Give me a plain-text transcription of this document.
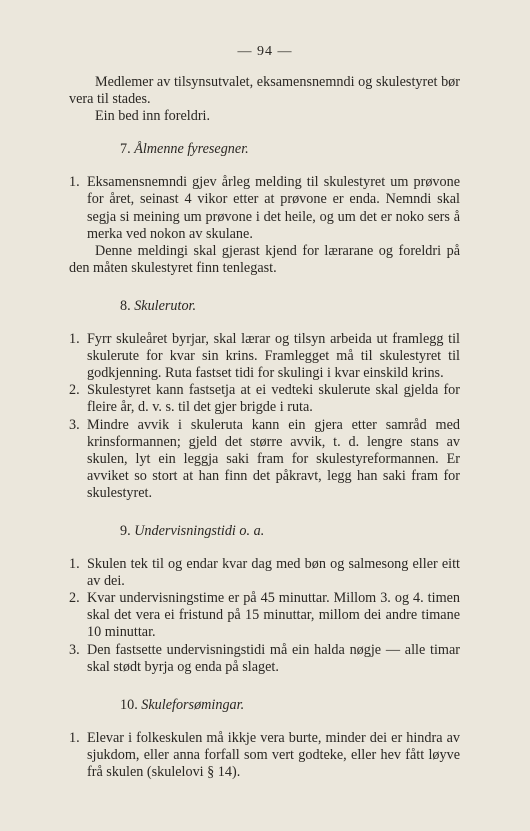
— 94 —

Medlemer av tilsynsutvalet, eksamensnemndi og skulestyret bør vera til stades.

Ein bed inn foreldri.

7. Ålmenne fyresegner.
1. Eksamensnemndi gjev årleg melding til skulestyret um prøvone for året, seinast 4 vikor etter at prøvone er enda. Nemndi skal segja si meining um prøvone i det heile, og um det er noko sers å merka ved nokon av skulane.

Denne meldingi skal gjerast kjend for lærarane og foreldri på den måten skulestyret finn tenlegast.

8. Skulerutor.
1. Fyrr skuleåret byrjar, skal lærar og tilsyn arbeida ut framlegg til skulerute for kvar sin krins. Framlegget må til skulestyret til godkjenning. Ruta fastset tidi for skulingi i kvar einskild krins.
2. Skulestyret kann fastsetja at ei vedteki skulerute skal gjelda for fleire år, d. v. s. til det gjer brigde i ruta.
3. Mindre avvik i skuleruta kann ein gjera etter samråd med krinsformannen; gjeld det større avvik, t. d. lengre stans av skulen, lyt ein leggja saki fram for skulestyreformannen. Er avviket so stort at han finn det påkravt, legg han saki fram for skulestyret.
9. Undervisningstidi o. a.
1. Skulen tek til og endar kvar dag med bøn og salmesong eller eitt av dei.
2. Kvar undervisningstime er på 45 minuttar. Millom 3. og 4. timen skal det vera ei fristund på 15 minuttar, millom dei andre timane 10 minuttar.
3. Den fastsette undervisningstidi må ein halda nøgje — alle timar skal stødt byrja og enda på slaget.
10. Skuleforsømingar.
1. Elevar i folkeskulen må ikkje vera burte, minder dei er hindra av sjukdom, eller anna forfall som vert godteke, eller hev fått løyve frå skulen (skulelovi § 14).
